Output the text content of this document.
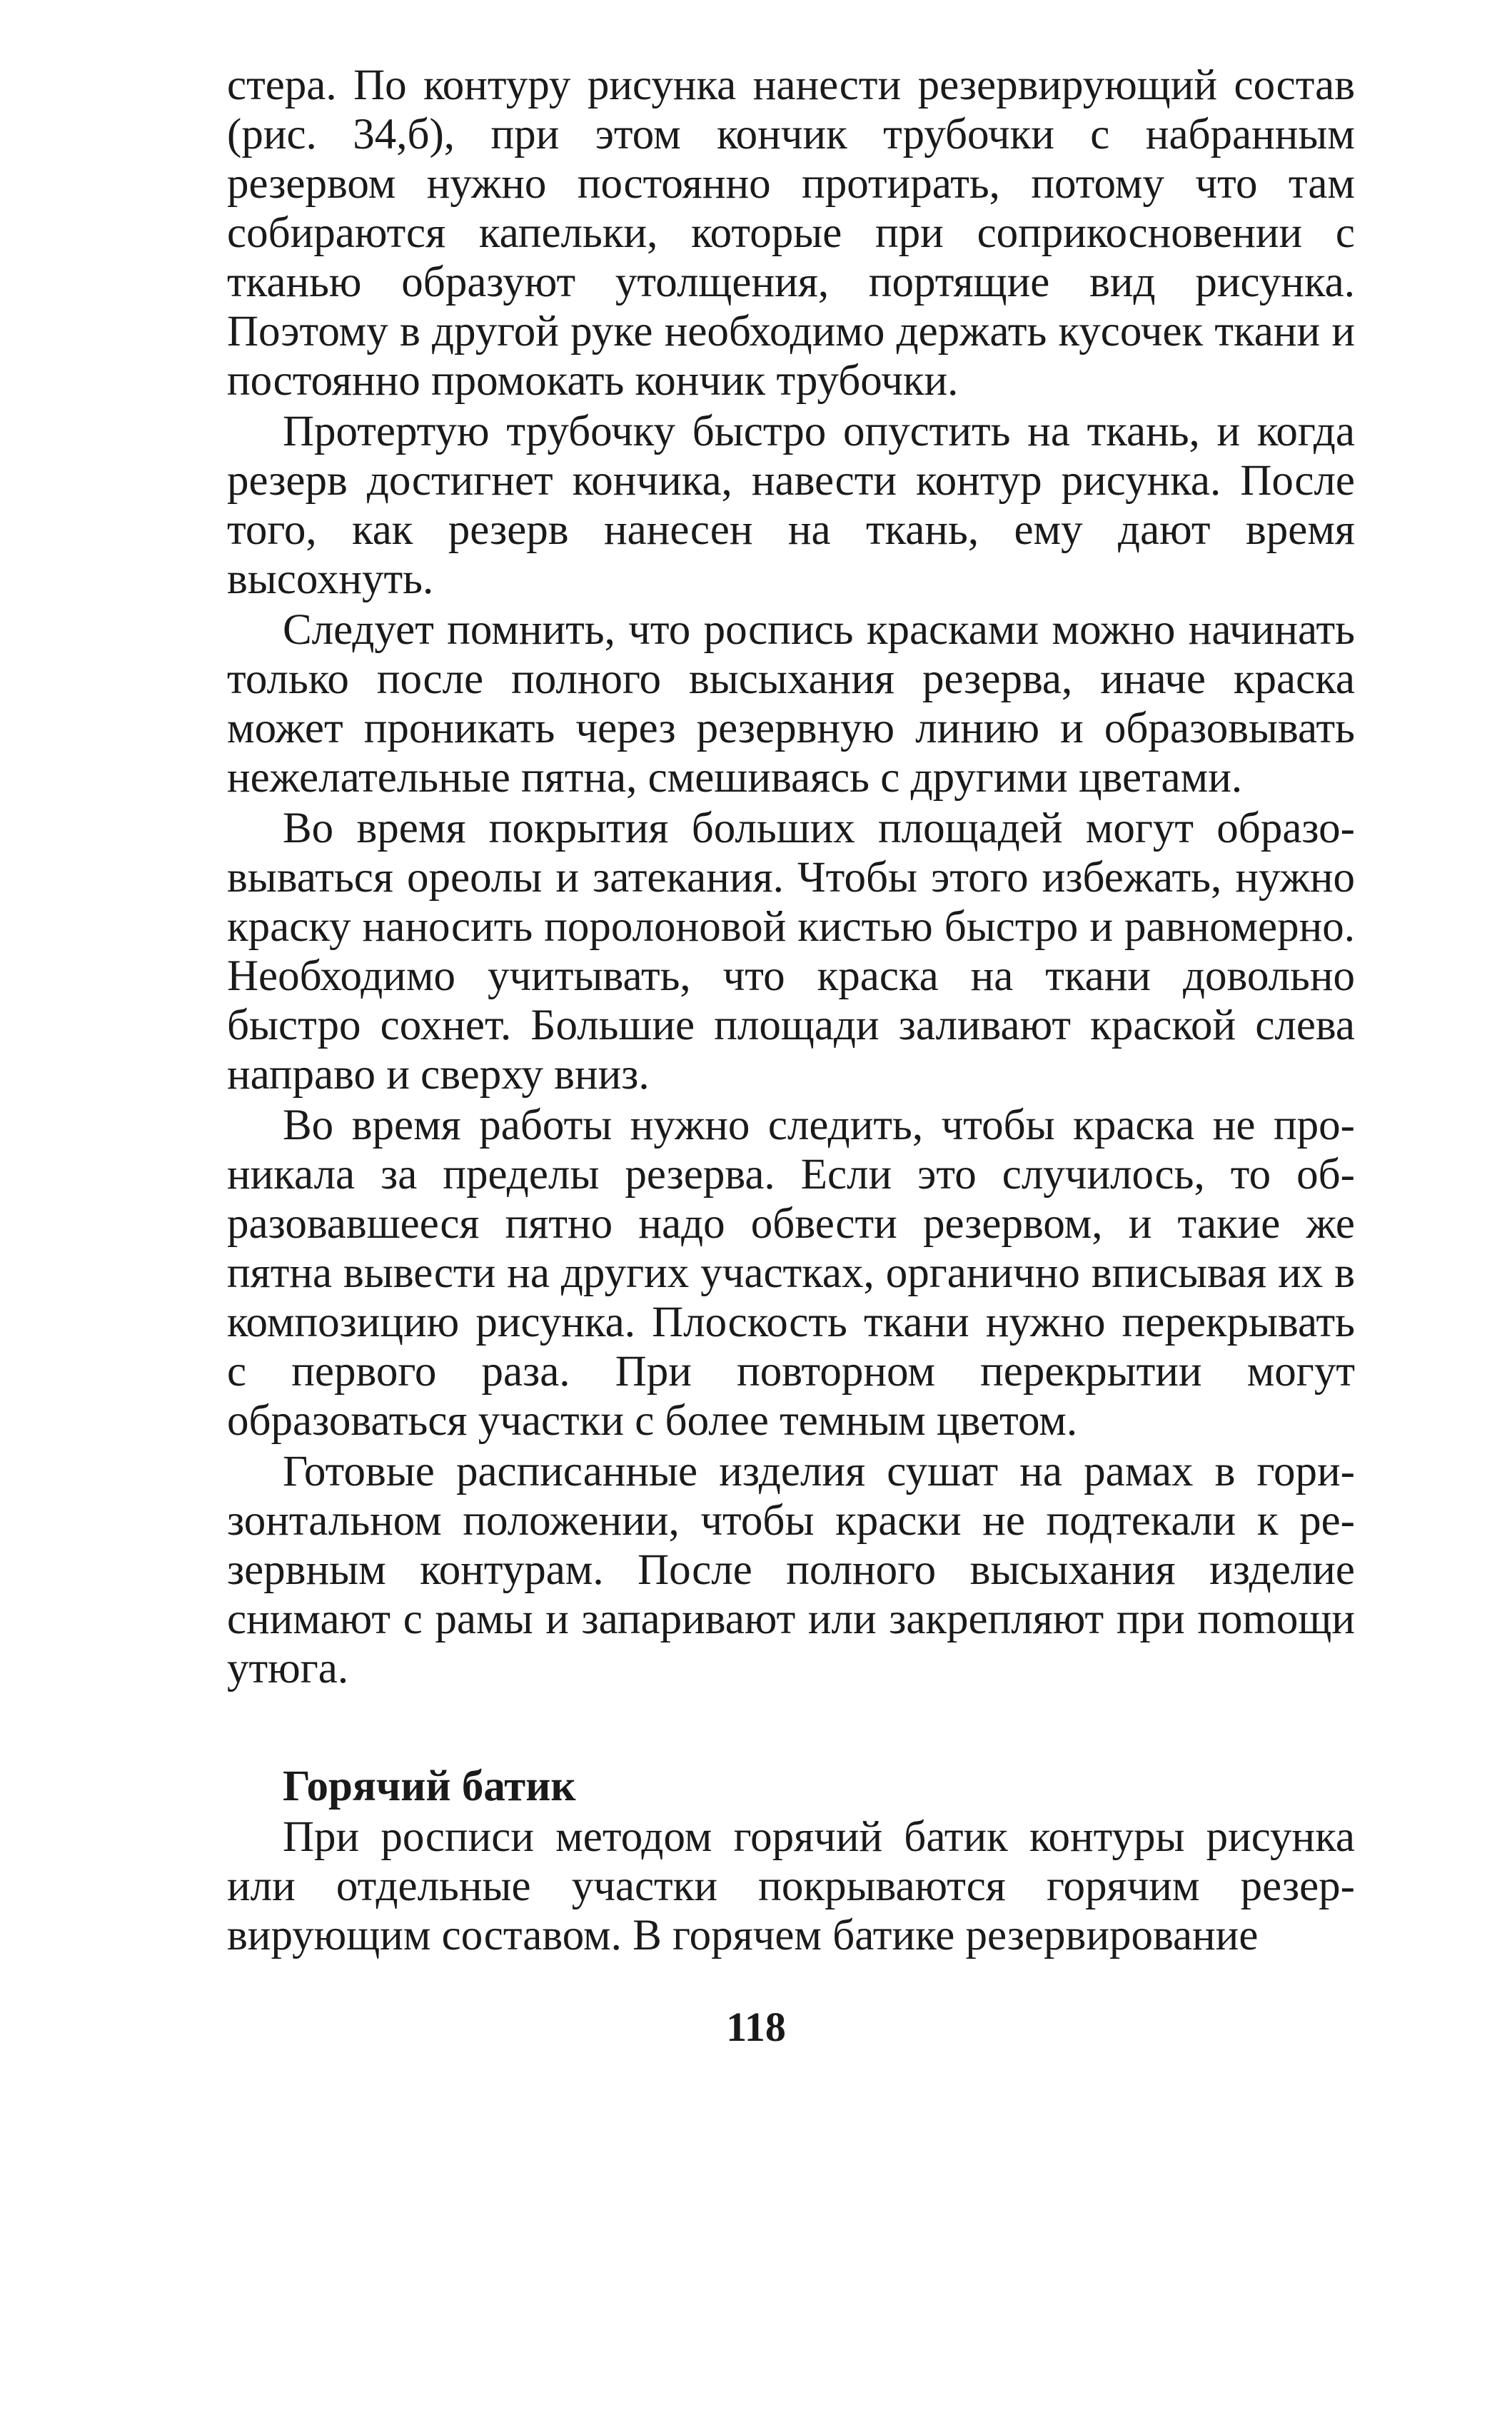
стера. По контуру рисунка нанести резервирующий состав (рис. 34,б), при этом кончик трубочки с набранным резервом нужно постоянно протирать, потому что там собираются капельки, которые при соприкосновении с тканью образуют утолщения, портящие вид рисунка. Поэтому в другой руке необходимо держать кусочек ткани и постоянно промокать кончик трубочки.

Протертую трубочку быстро опустить на ткань, и когда резерв достигнет кончика, навести контур рисунка. После того, как резерв нанесен на ткань, ему дают время высохнуть.

Следует помнить, что роспись красками можно начинать только после полного высыхания резерва, иначе краска может проникать через резервную линию и образовывать нежелательные пятна, смешиваясь с другими цветами.

Во время покрытия больших площадей могут образовываться ореолы и затекания. Чтобы этого избежать, нужно краску наносить поролоновой кистью быстро и равномерно. Необходимо учитывать, что краска на ткани довольно быстро сохнет. Большие площади заливают краской слева направо и сверху вниз.

Во время работы нужно следить, чтобы краска не проникала за пределы резерва. Если это случилось, то образовавшееся пятно надо обвести резервом, и такие же пятна вывести на других участках, органично вписывая их в композицию рисунка. Плоскость ткани нужно перекрывать с первого раза. При повторном перекрытии могут образоваться участки с более темным цветом.

Готовые расписанные изделия сушат на рамах в горизонтальном положении, чтобы краски не подтекали к резервным контурам. После полного высыхания изделие снимают с рамы и запаривают или закрепляют при поmощи утюга.

Горячий батик

При росписи методом горячий батик контуры рисунка или отдельные участки покрываются горячим резервирующим составом. В горячем батике резервирование

118
